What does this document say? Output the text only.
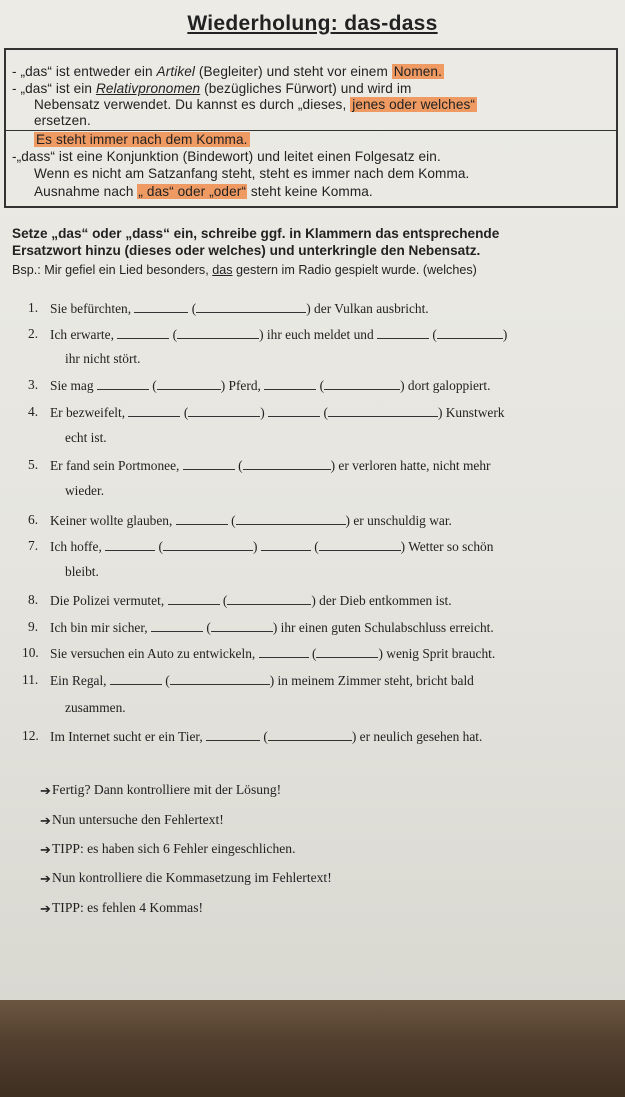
Wiederholung: das-dass
- „das“ ist entweder ein Artikel (Begleiter) und steht vor einem Nomen.
- „das“ ist ein Relativpronomen (bezügliches Fürwort) und wird im
Nebensatz verwendet. Du kannst es durch „dieses, jenes oder welches“
ersetzen.
Es steht immer nach dem Komma.
-„dass“ ist eine Konjunktion (Bindewort) und leitet einen Folgesatz ein.
Wenn es nicht am Satzanfang steht, steht es immer nach dem Komma.
Ausnahme nach „ das“ oder „oder“ steht keine Komma.
Setze „das“ oder „dass“ ein, schreibe ggf. in Klammern das entsprechende
Ersatzwort hinzu (dieses oder welches) und unterkringle den Nebensatz.
Bsp.: Mir gefiel ein Lied besonders, das gestern im Radio gespielt wurde. (welches)
1. Sie befürchten,	(	) der Vulkan ausbricht.
2. Ich erwarte,	(	) ihr euch meldet und	(	)
ihr nicht stört.
3. Sie mag	(	) Pferd,	(	) dort galoppiert.
4. Er bezweifelt,	(	)	(	) Kunstwerk
echt ist.
5. Er fand sein Portmonee,	(	) er verloren hatte, nicht mehr
wieder.
6. Keiner wollte glauben,	(	) er unschuldig war.
7. Ich hoffe,	(	)	(	) Wetter so schön
bleibt.
8. Die Polizei vermutet,	(	) der Dieb entkommen ist.
9. Ich bin mir sicher,	(	) ihr einen guten Schulabschluss erreicht.
10. Sie versuchen ein Auto zu entwickeln,	(	) wenig Sprit braucht.
11. Ein Regal,	(	) in meinem Zimmer steht, bricht bald
zusammen.
12. Im Internet sucht er ein Tier,	(	) er neulich gesehen hat.
➔ Fertig? Dann kontrolliere mit der Lösung!
➔ Nun untersuche den Fehlertext!
➔ TIPP: es haben sich 6 Fehler eingeschlichen.
➔ Nun kontrolliere die Kommasetzung im Fehlertext!
➔ TIPP: es fehlen 4 Kommas!
